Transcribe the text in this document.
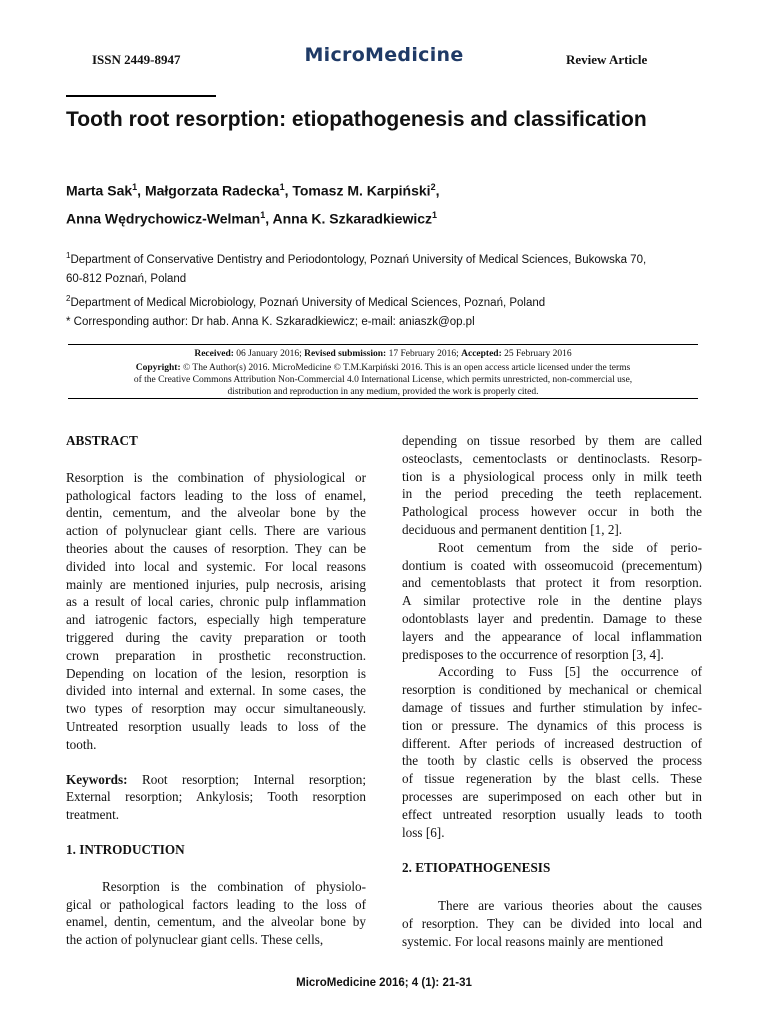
ISSN 2449-8947	MicroMedicine	Review Article
Tooth root resorption: etiopathogenesis and classification
Marta Sak$^1$, Małgorzata Radecka$^1$, Tomasz M. Karpiński$^2$,
Anna Wędrychowicz-Welman$^1$, Anna K. Szkaradkiewicz$^1$
$^1$Department of Conservative Dentistry and Periodontology, Poznań University of Medical Sciences, Bukowska 70,
60-812 Poznań, Poland
$^2$Department of Medical Microbiology, Poznań University of Medical Sciences, Poznań, Poland
* Corresponding author: Dr hab. Anna K. Szkaradkiewicz; e-mail: aniaszk@op.pl
Received: 06 January 2016; Revised submission: 17 February 2016; Accepted: 25 February 2016
Copyright: © The Author(s) 2016. MicroMedicine © T.M.Karpiński 2016. This is an open access article licensed under the terms
of the Creative Commons Attribution Non-Commercial 4.0 International License, which permits unrestricted, non-commercial use,
distribution and reproduction in any medium, provided the work is properly cited.
ABSTRACT
Resorption is the combination of physiological or
pathological factors leading to the loss of enamel,
dentin, cementum, and the alveolar bone by the
action of polynuclear giant cells. There are various
theories about the causes of resorption. They can be
divided into local and systemic. For local reasons
mainly are mentioned injuries, pulp necrosis, arising
as a result of local caries, chronic pulp inflammation
and iatrogenic factors, especially high temperature
triggered during the cavity preparation or tooth
crown preparation in prosthetic reconstruction.
Depending on location of the lesion, resorption is
divided into internal and external. In some cases, the
two types of resorption may occur simultaneously.
Untreated resorption usually leads to loss of the
tooth.
Keywords: Root resorption; Internal resorption;
External resorption; Ankylosis; Tooth resorption
treatment.
1. INTRODUCTION
Resorption is the combination of physiolo-
gical or pathological factors leading to the loss of
enamel, dentin, cementum, and the alveolar bone by
the action of polynuclear giant cells. These cells,
depending on tissue resorbed by them are called
osteoclasts, cementoclasts or dentinoclasts. Resorp-
tion is a physiological process only in milk teeth
in the period preceding the teeth replacement.
Pathological process however occur in both the
deciduous and permanent dentition [1, 2].
Root cementum from the side of perio-
dontium is coated with osseomucoid (precementum)
and cementoblasts that protect it from resorption.
A similar protective role in the dentine plays
odontoblasts layer and predentin. Damage to these
layers and the appearance of local inflammation
predisposes to the occurrence of resorption [3, 4].
According to Fuss [5] the occurrence of
resorption is conditioned by mechanical or chemical
damage of tissues and further stimulation by infec-
tion or pressure. The dynamics of this process is
different. After periods of increased destruction of
the tooth by clastic cells is observed the process
of tissue regeneration by the blast cells. These
processes are superimposed on each other but in
effect untreated resorption usually leads to tooth
loss [6].
2. ETIOPATHOGENESIS
There are various theories about the causes
of resorption. They can be divided into local and
systemic. For local reasons mainly are mentioned
MicroMedicine 2016; 4 (1): 21-31
